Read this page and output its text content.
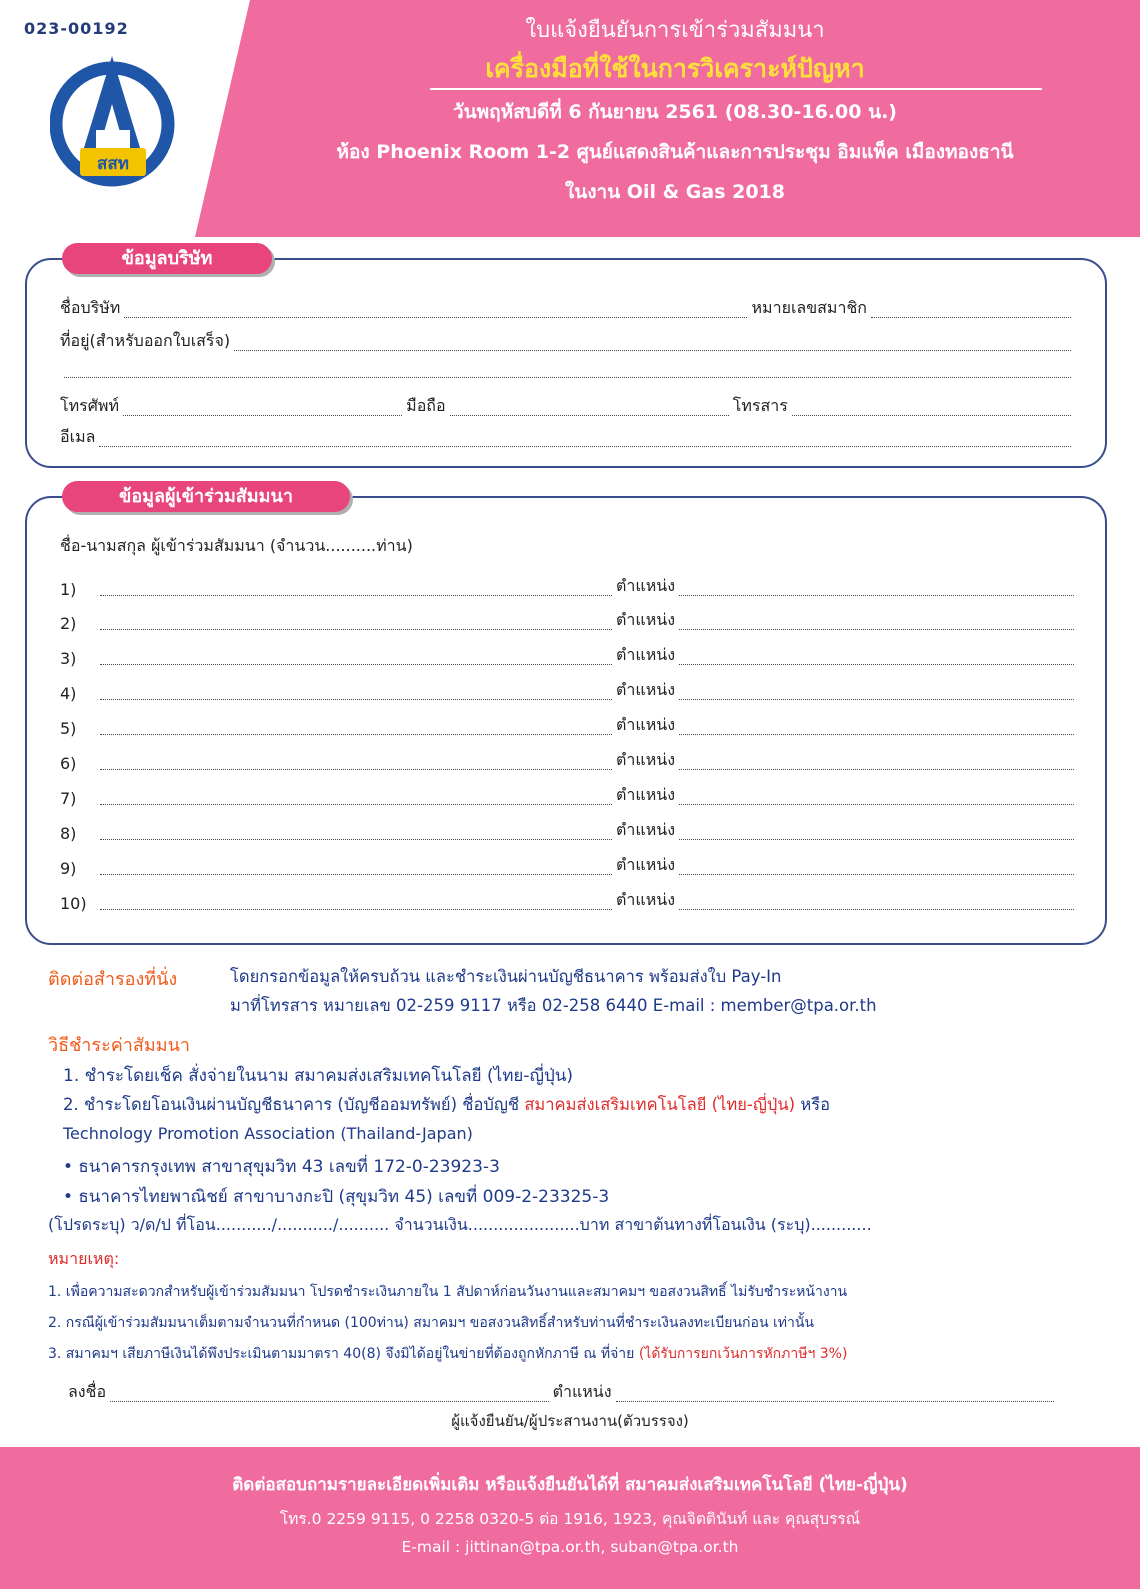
023-00192
สสท
ใบแจ้งยืนยันการเข้าร่วมสัมมนา
เครื่องมือที่ใช้ในการวิเคราะห์ปัญหา
วันพฤหัสบดีที่ 6 กันยายน 2561 (08.30-16.00 น.)
ห้อง Phoenix Room 1-2 ศูนย์แสดงสินค้าและการประชุม อิมแพ็ค เมืองทองธานี
ในงาน Oil & Gas 2018
ข้อมูลบริษัท
ชื่อบริษัท	หมายเลขสมาชิก
ที่อยู่(สำหรับออกใบเสร็จ)
โทรศัพท์	มือถือ	โทรสาร
อีเมล
ข้อมูลผู้เข้าร่วมสัมมนา
ชื่อ-นามสกุล ผู้เข้าร่วมสัมมนา (จำนวน..........ท่าน)
1)	ตำแหน่ง
2)	ตำแหน่ง
3)	ตำแหน่ง
4)	ตำแหน่ง
5)	ตำแหน่ง
6)	ตำแหน่ง
7)	ตำแหน่ง
8)	ตำแหน่ง
9)	ตำแหน่ง
10)	ตำแหน่ง
ติดต่อสำรองที่นั่ง	โดยกรอกข้อมูลให้ครบถ้วน และชำระเงินผ่านบัญชีธนาคาร พร้อมส่งใบ Pay-In
มาที่โทรสาร หมายเลข 02-259 9117 หรือ 02-258 6440 E-mail : member@tpa.or.th
วิธีชำระค่าสัมมนา
1. ชำระโดยเช็ค สั่งจ่ายในนาม สมาคมส่งเสริมเทคโนโลยี (ไทย-ญี่ปุ่น)
2. ชำระโดยโอนเงินผ่านบัญชีธนาคาร (บัญชีออมทรัพย์) ชื่อบัญชี สมาคมส่งเสริมเทคโนโลยี (ไทย-ญี่ปุ่น) หรือ
Technology Promotion Association (Thailand-Japan)
• ธนาคารกรุงเทพ สาขาสุขุมวิท 43 เลขที่ 172-0-23923-3
• ธนาคารไทยพาณิชย์ สาขาบางกะปิ (สุขุมวิท 45) เลขที่ 009-2-23325-3
(โปรดระบุ) ว/ด/ป ที่โอน.........../.........../.......... จำนวนเงิน......................บาท สาขาต้นทางที่โอนเงิน (ระบุ)............
หมายเหตุ:
1. เพื่อความสะดวกสำหรับผู้เข้าร่วมสัมมนา โปรดชำระเงินภายใน 1 สัปดาห์ก่อนวันงานและสมาคมฯ ขอสงวนสิทธิ์ ไม่รับชำระหน้างาน
2. กรณีผู้เข้าร่วมสัมมนาเต็มตามจำนวนที่กำหนด (100ท่าน) สมาคมฯ ขอสงวนสิทธิ์สำหรับท่านที่ชำระเงินลงทะเบียนก่อน เท่านั้น
3. สมาคมฯ เสียภาษีเงินได้พึงประเมินตามมาตรา 40(8) จึงมิได้อยู่ในข่ายที่ต้องถูกหักภาษี ณ ที่จ่าย (ได้รับการยกเว้นการหักภาษีฯ 3%)
ลงชื่อ	ตำแหน่ง
ผู้แจ้งยืนยัน/ผู้ประสานงาน(ตัวบรรจง)
ติดต่อสอบถามรายละเอียดเพิ่มเติม หรือแจ้งยืนยันได้ที่ สมาคมส่งเสริมเทคโนโลยี (ไทย-ญี่ปุ่น)
โทร.0 2259 9115, 0 2258 0320-5 ต่อ 1916, 1923, คุณจิตตินันท์ และ คุณสุบรรณ์
E-mail : jittinan@tpa.or.th, suban@tpa.or.th
